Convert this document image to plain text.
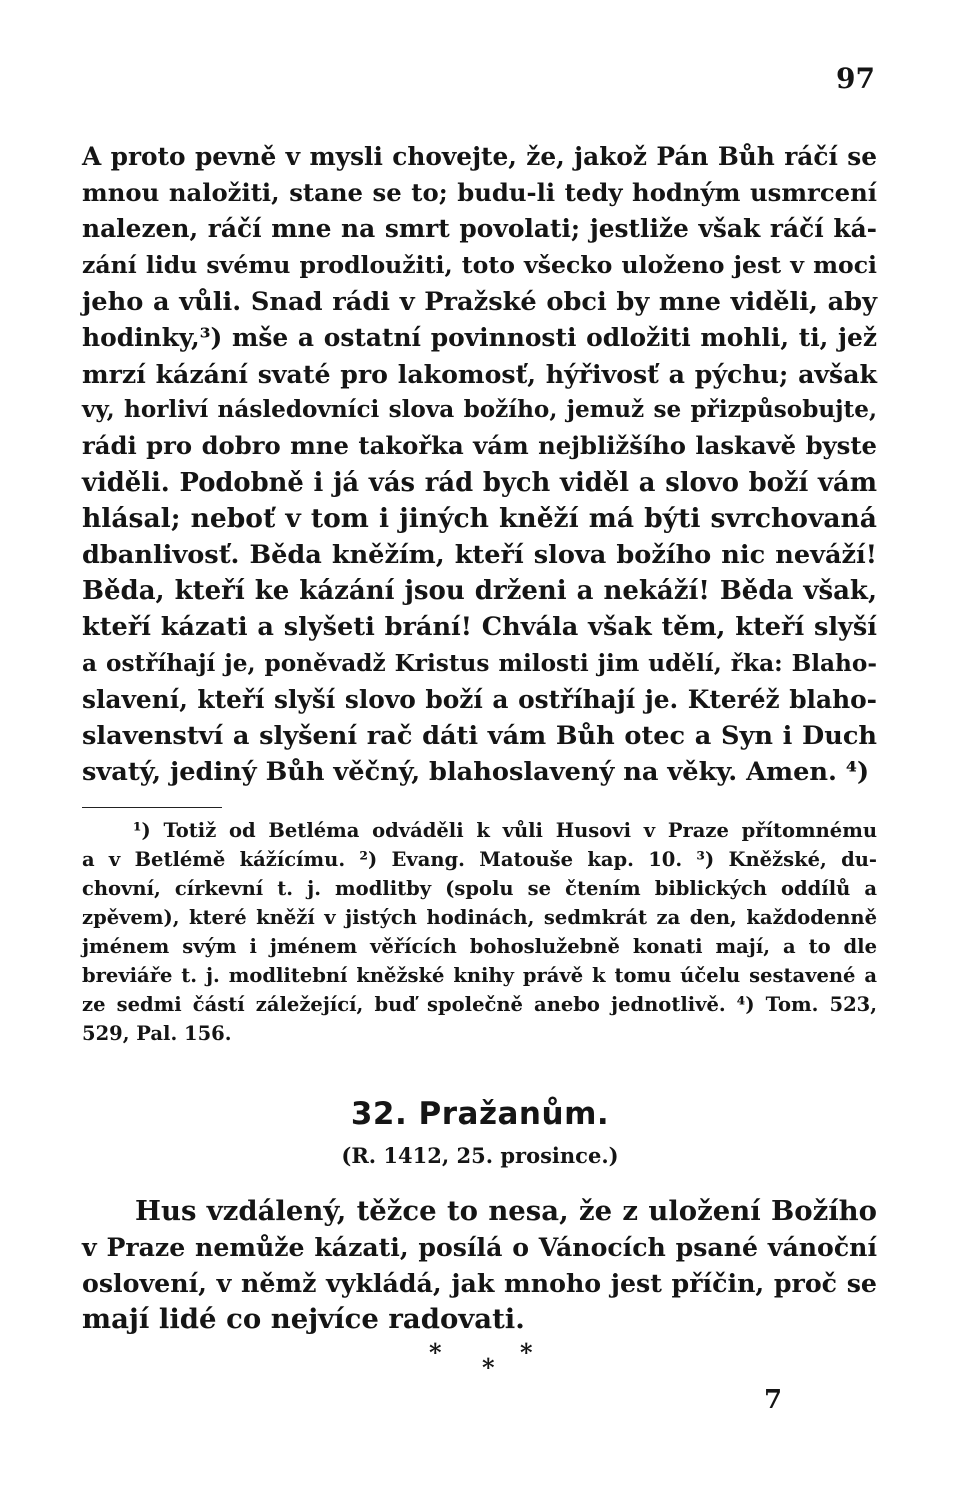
97
A proto pevně v mysli chovejte, že, jakož Pán Bůh ráčí se
mnou naložiti, stane se to; budu-li tedy hodným usmrcení
nalezen, ráčí mne na smrt povolati; jestliže však ráčí ká-
zání lidu svému prodloužiti, toto všecko uloženo jest v moci
jeho a vůli. Snad rádi v Pražské obci by mne viděli, aby
hodinky,³) mše a ostatní povinnosti odložiti mohli, ti, jež
mrzí kázání svaté pro lakomosť, hýřivosť a pýchu; avšak
vy, horliví následovníci slova božího, jemuž se přizpůsobujte,
rádi pro dobro mne takořka vám nejbližšího laskavě byste
viděli. Podobně i já vás rád bych viděl a slovo boží vám
hlásal; neboť v tom i jiných kněží má býti svrchovaná
dbanlivosť. Běda kněžím, kteří slova božího nic neváží!
Běda, kteří ke kázání jsou drženi a nekáží! Běda však,
kteří kázati a slyšeti brání! Chvála však těm, kteří slyší
a ostříhají je, poněvadž Kristus milosti jim udělí, řka: Blaho-
slavení, kteří slyší slovo boží a ostříhají je. Kteréž blaho-
slavenství a slyšení rač dáti vám Bůh otec a Syn i Duch
svatý, jediný Bůh věčný, blahoslavený na věky. Amen. ⁴)
¹) Totiž od Betléma odváděli k vůli Husovi v Praze přítomnému
a v Betlémě kážícímu. ²) Evang. Matouše kap. 10. ³) Kněžské, du-
chovní, církevní t. j. modlitby (spolu se čtením biblických oddílů a
zpěvem), které kněží v jistých hodinách, sedmkrát za den, každodenně
jménem svým i jménem věřících bohoslužebně konati mají, a to dle
breviáře t. j. modlitební kněžské knihy právě k tomu účelu sestavené a
ze sedmi částí záležející, buď společně anebo jednotlivě. ⁴) Tom. 523,
529, Pal. 156.
32. Pražanům.
(R. 1412, 25. prosince.)
Hus vzdálený, těžce to nesa, že z uložení Božího
v Praze nemůže kázati, posílá o Vánocích psané vánoční
oslovení, v němž vykládá, jak mnoho jest příčin, proč se
mají lidé co nejvíce radovati.
*	*
*
7
